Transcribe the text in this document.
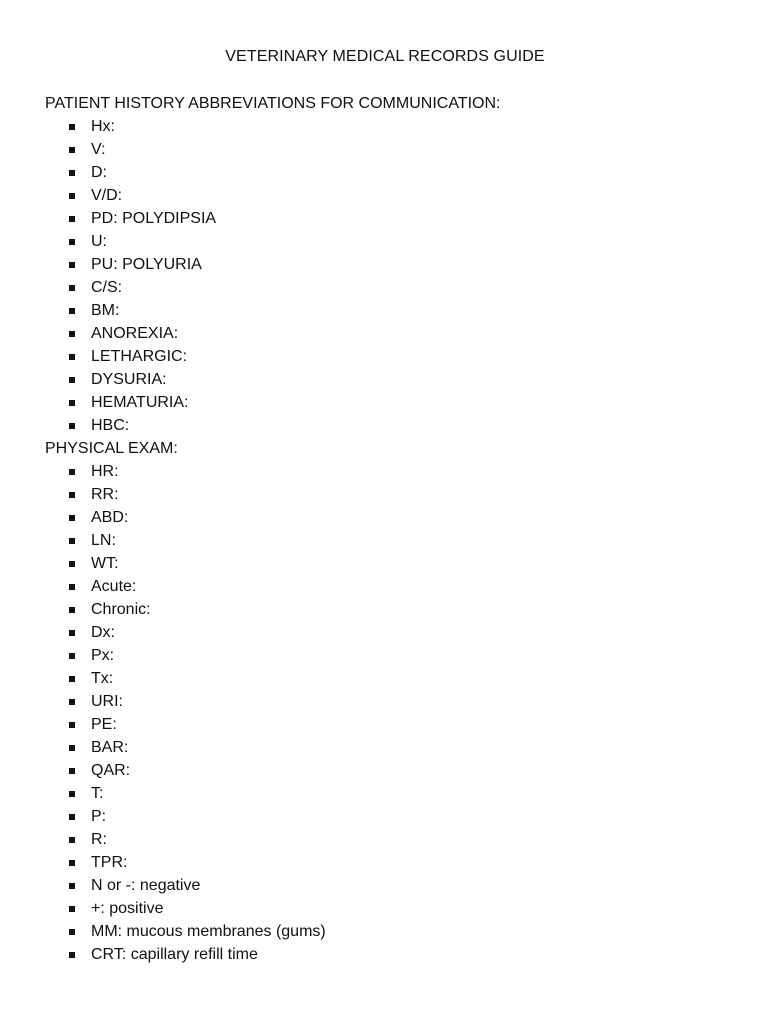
VETERINARY MEDICAL RECORDS GUIDE
PATIENT HISTORY ABBREVIATIONS FOR COMMUNICATION:
Hx:
V:
D:
V/D:
PD: POLYDIPSIA
U:
PU: POLYURIA
C/S:
BM:
ANOREXIA:
LETHARGIC:
DYSURIA:
HEMATURIA:
HBC:
PHYSICAL EXAM:
HR:
RR:
ABD:
LN:
WT:
Acute:
Chronic:
Dx:
Px:
Tx:
URI:
PE:
BAR:
QAR:
T:
P:
R:
TPR:
N or -: negative
+: positive
MM: mucous membranes (gums)
CRT: capillary refill time
